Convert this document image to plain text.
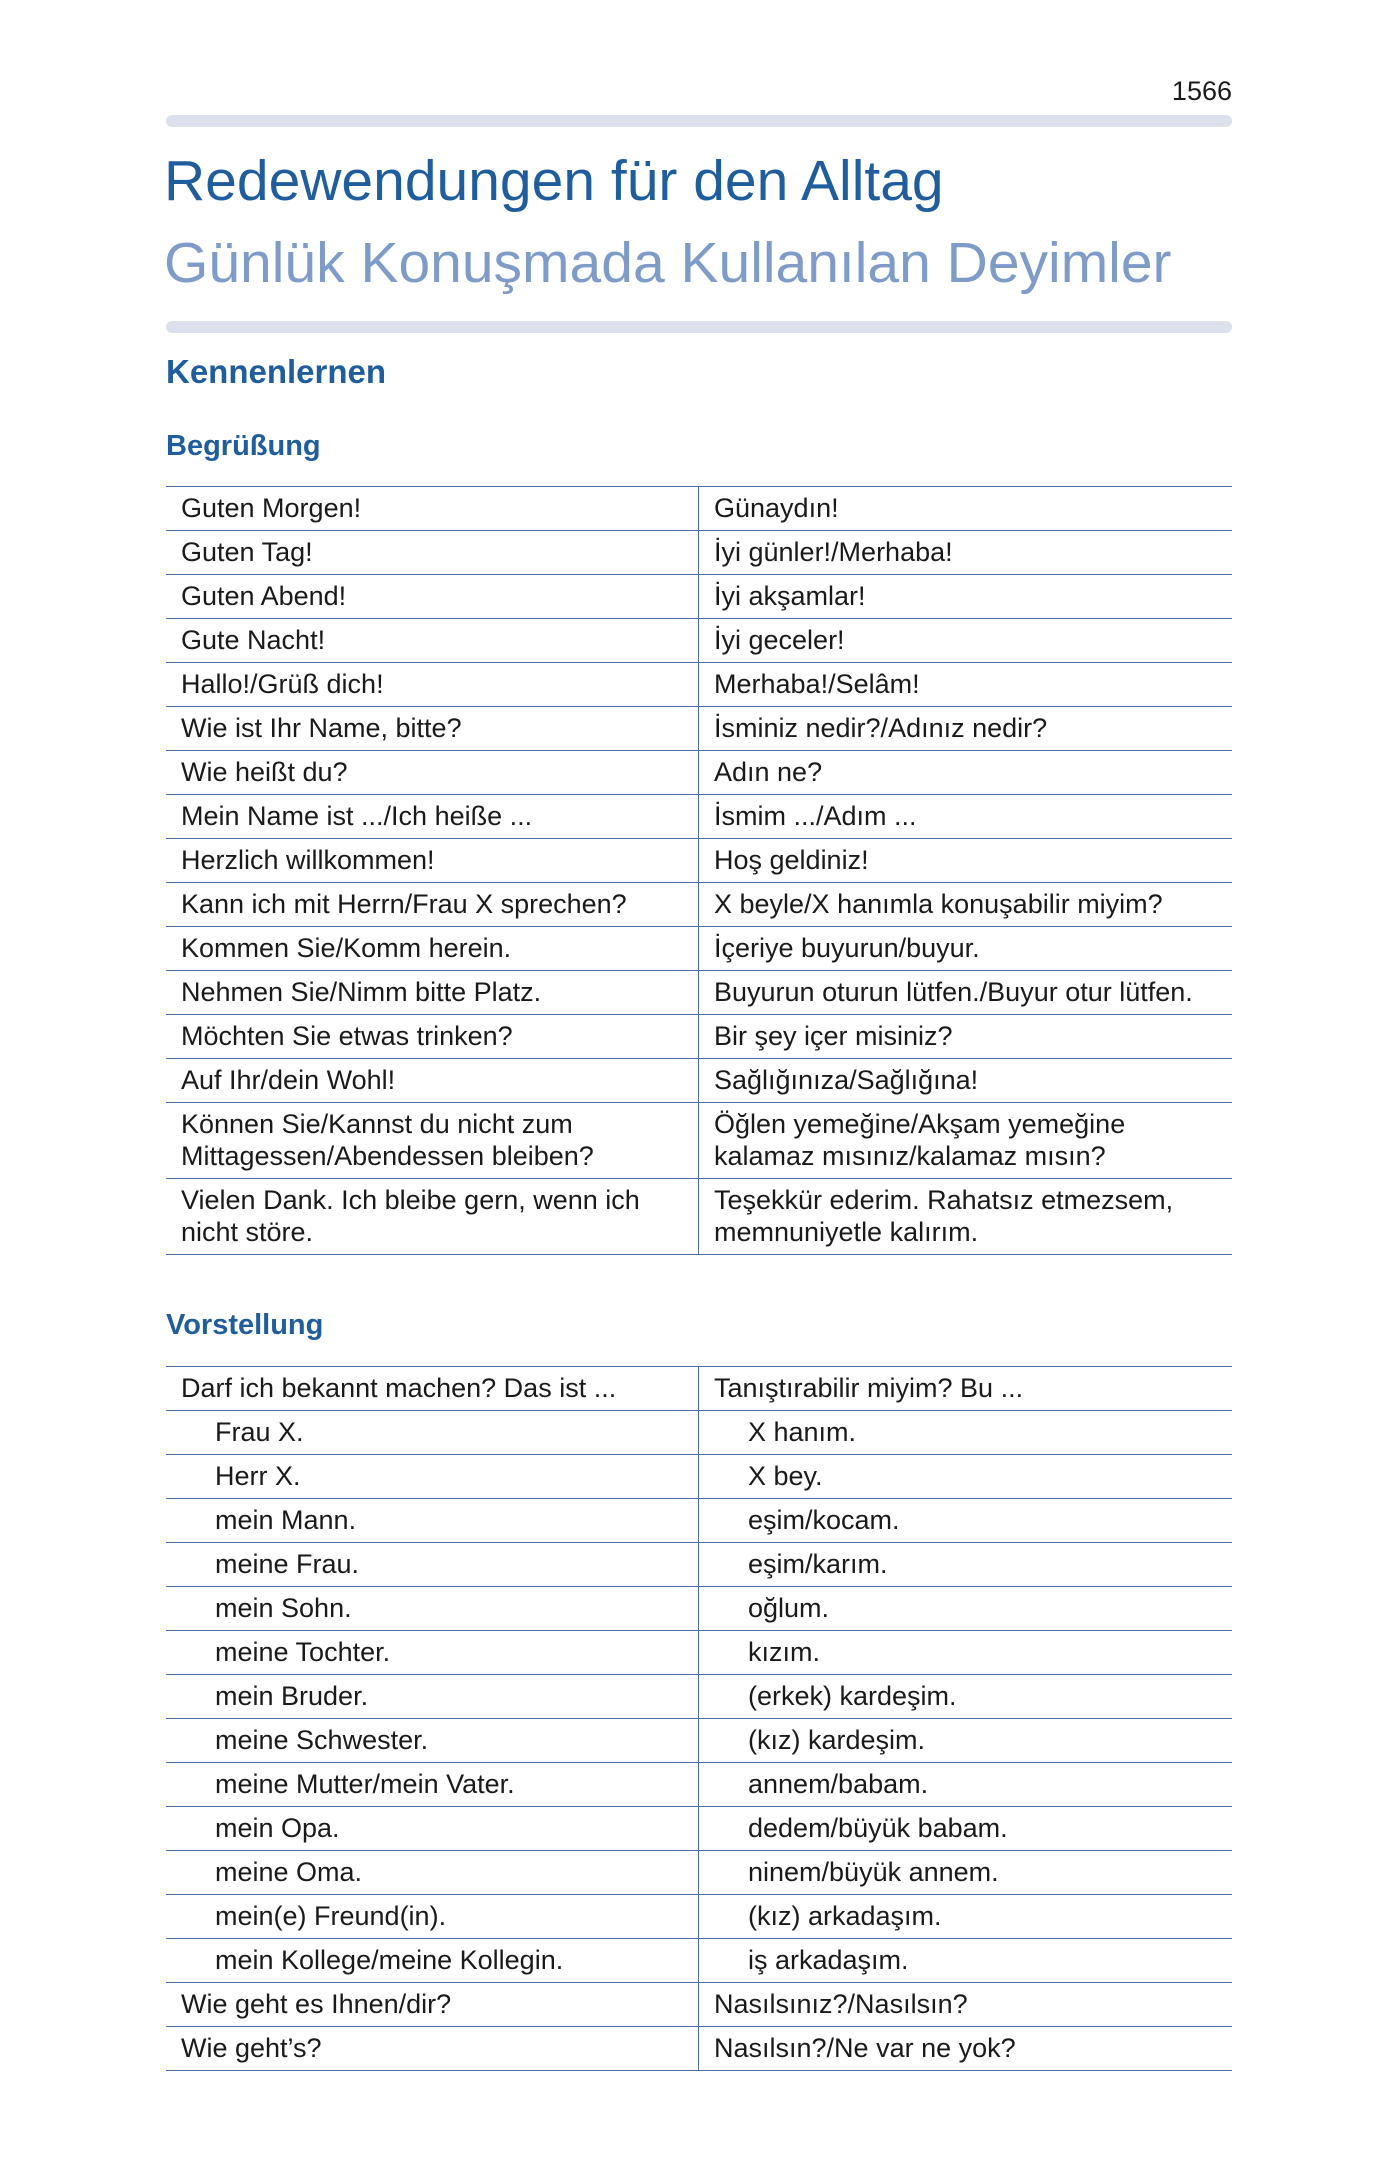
1566
Redewendungen für den Alltag
Günlük Konuşmada Kullanılan Deyimler
Kennenlernen
Begrüßung
Guten Morgen!	Günaydın!
Guten Tag!	İyi günler!/Merhaba!
Guten Abend!	İyi akşamlar!
Gute Nacht!	İyi geceler!
Hallo!/Grüß dich!	Merhaba!/Selâm!
Wie ist Ihr Name, bitte?	İsminiz nedir?/Adınız nedir?
Wie heißt du?	Adın ne?
Mein Name ist .../Ich heiße ...	İsmim .../Adım ...
Herzlich willkommen!	Hoş geldiniz!
Kann ich mit Herrn/Frau X sprechen?	X beyle/X hanımla konuşabilir miyim?
Kommen Sie/Komm herein.	İçeriye buyurun/buyur.
Nehmen Sie/Nimm bitte Platz.	Buyurun oturun lütfen./Buyur otur lütfen.
Möchten Sie etwas trinken?	Bir şey içer misiniz?
Auf Ihr/dein Wohl!	Sağlığınıza/Sağlığına!
Können Sie/Kannst du nicht zum Mittagessen/Abendessen bleiben?	Öğlen yemeğine/Akşam yemeğine kalamaz mısınız/kalamaz mısın?
Vielen Dank. Ich bleibe gern, wenn ich nicht störe.	Teşekkür ederim. Rahatsız etmezsem, memnuniyetle kalırım.
Vorstellung
Darf ich bekannt machen? Das ist ...	Tanıştırabilir miyim? Bu ...
Frau X.	X hanım.
Herr X.	X bey.
mein Mann.	eşim/kocam.
meine Frau.	eşim/karım.
mein Sohn.	oğlum.
meine Tochter.	kızım.
mein Bruder.	(erkek) kardeşim.
meine Schwester.	(kız) kardeşim.
meine Mutter/mein Vater.	annem/babam.
mein Opa.	dedem/büyük babam.
meine Oma.	ninem/büyük annem.
mein(e) Freund(in).	(kız) arkadaşım.
mein Kollege/meine Kollegin.	iş arkadaşım.
Wie geht es Ihnen/dir?	Nasılsınız?/Nasılsın?
Wie geht’s?	Nasılsın?/Ne var ne yok?
